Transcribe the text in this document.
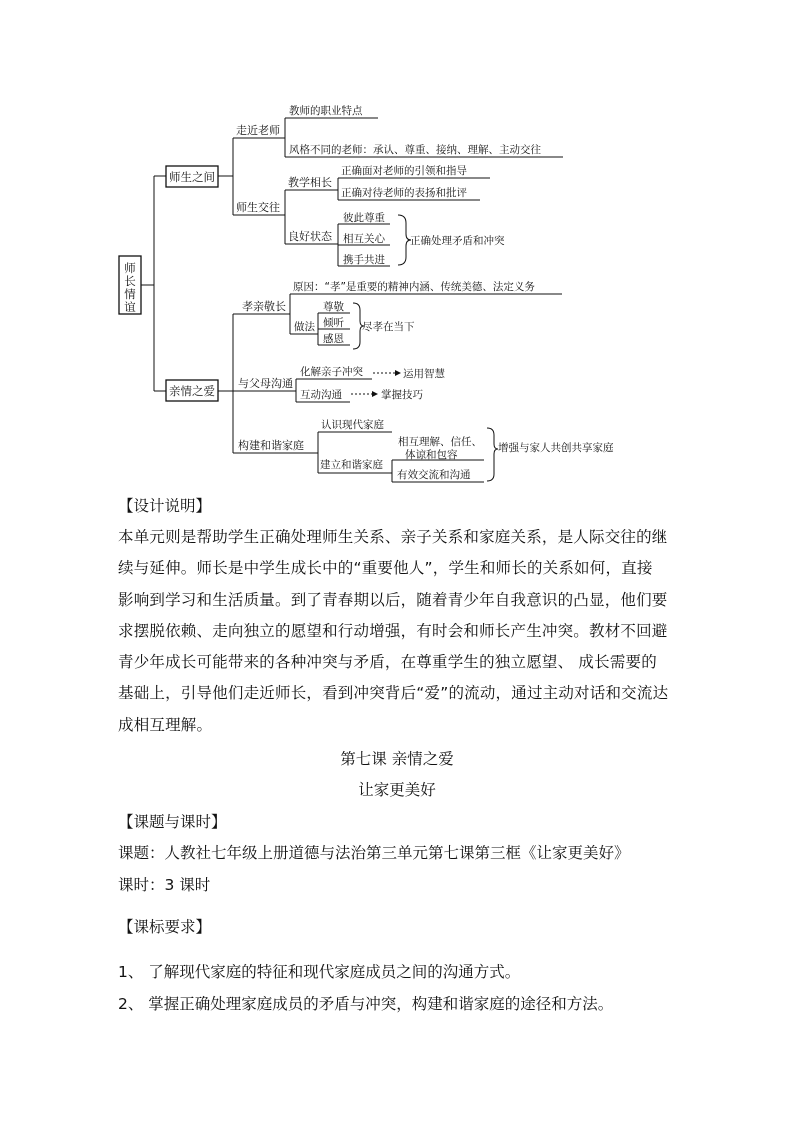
师
长
情
谊
师生之间
亲情之爱
走近老师
师生交往
教师的职业特点
风格不同的老师：承认、尊重、接纳、理解、主动交往
教学相长
良好状态
正确面对老师的引领和指导
正确对待老师的表扬和批评
彼此尊重
相互关心
携手共进
正确处理矛盾和冲突
孝亲敬长
与父母沟通
构建和谐家庭
原因：“孝”是重要的精神内涵、传统美德、法定义务
做法
尊敬
倾听
感恩
尽孝在当下
化解亲子冲突
互动沟通
运用智慧
掌握技巧
认识现代家庭
建立和谐家庭
相互理解、信任、
体谅和包容
有效交流和沟通
增强与家人共创共享家庭

【设计说明】

本单元则是帮助学生正确处理师生关系、亲子关系和家庭关系，是人际交往的继
续与延伸。师长是中学生成长中的“重要他人”，学生和师长的关系如何，直接
影响到学习和生活质量。到了青春期以后，随着青少年自我意识的凸显，他们要
求摆脱依赖、走向独立的愿望和行动增强，有时会和师长产生冲突。教材不回避
青少年成长可能带来的各种冲突与矛盾，在尊重学生的独立愿望、 成长需要的
基础上，引导他们走近师长，看到冲突背后“爱”的流动，通过主动对话和交流达
成相互理解。

第七课 亲情之爱

让家更美好

【课题与课时】

课题：人教社七年级上册道德与法治第三单元第七课第三框《让家更美好》

课时：3 课时

【课标要求】

1、 了解现代家庭的特征和现代家庭成员之间的沟通方式。

2、 掌握正确处理家庭成员的矛盾与冲突，构建和谐家庭的途径和方法。
